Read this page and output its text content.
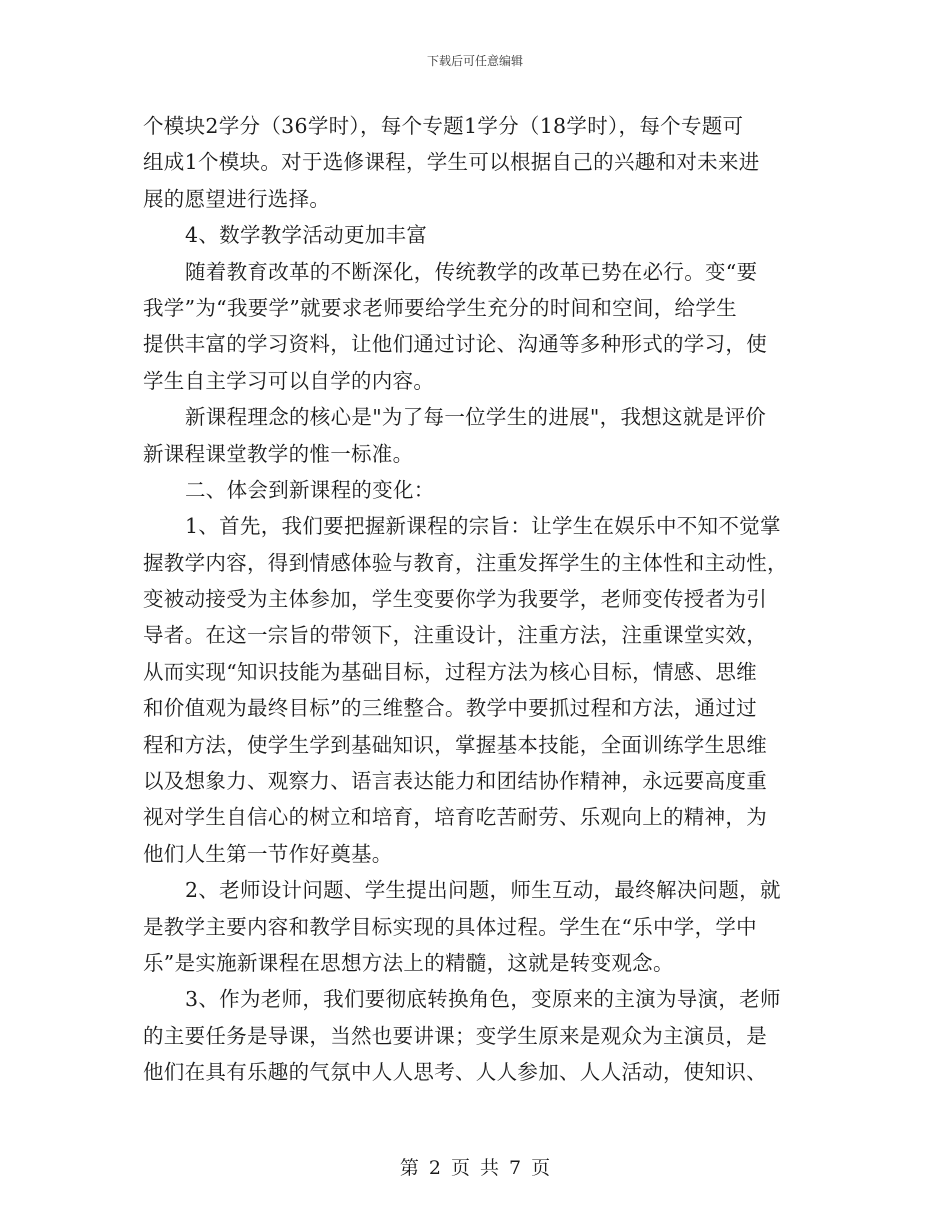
下载后可任意编辑
个模块2学分（36学时），每个专题1学分（18学时），每个专题可
组成1个模块。对于选修课程，学生可以根据自己的兴趣和对未来进
展的愿望进行选择。
4、数学教学活动更加丰富
随着教育改革的不断深化，传统教学的改革已势在必行。变“要
我学”为“我要学”就要求老师要给学生充分的时间和空间，给学生
提供丰富的学习资料，让他们通过讨论、沟通等多种形式的学习，使
学生自主学习可以自学的内容。
新课程理念的核心是"为了每一位学生的进展"，我想这就是评价
新课程课堂教学的惟一标准。
二、体会到新课程的变化：
1、首先，我们要把握新课程的宗旨：让学生在娱乐中不知不觉掌
握教学内容，得到情感体验与教育，注重发挥学生的主体性和主动性，
变被动接受为主体参加，学生变要你学为我要学，老师变传授者为引
导者。在这一宗旨的带领下，注重设计，注重方法，注重课堂实效，
从而实现“知识技能为基础目标，过程方法为核心目标，情感、思维
和价值观为最终目标”的三维整合。教学中要抓过程和方法，通过过
程和方法，使学生学到基础知识，掌握基本技能，全面训练学生思维
以及想象力、观察力、语言表达能力和团结协作精神，永远要高度重
视对学生自信心的树立和培育，培育吃苦耐劳、乐观向上的精神，为
他们人生第一节作好奠基。
2、老师设计问题、学生提出问题，师生互动，最终解决问题，就
是教学主要内容和教学目标实现的具体过程。学生在“乐中学，学中
乐”是实施新课程在思想方法上的精髓，这就是转变观念。
3、作为老师，我们要彻底转换角色，变原来的主演为导演，老师
的主要任务是导课，当然也要讲课；变学生原来是观众为主演员，是
他们在具有乐趣的气氛中人人思考、人人参加、人人活动，使知识、
第 2 页 共 7 页
